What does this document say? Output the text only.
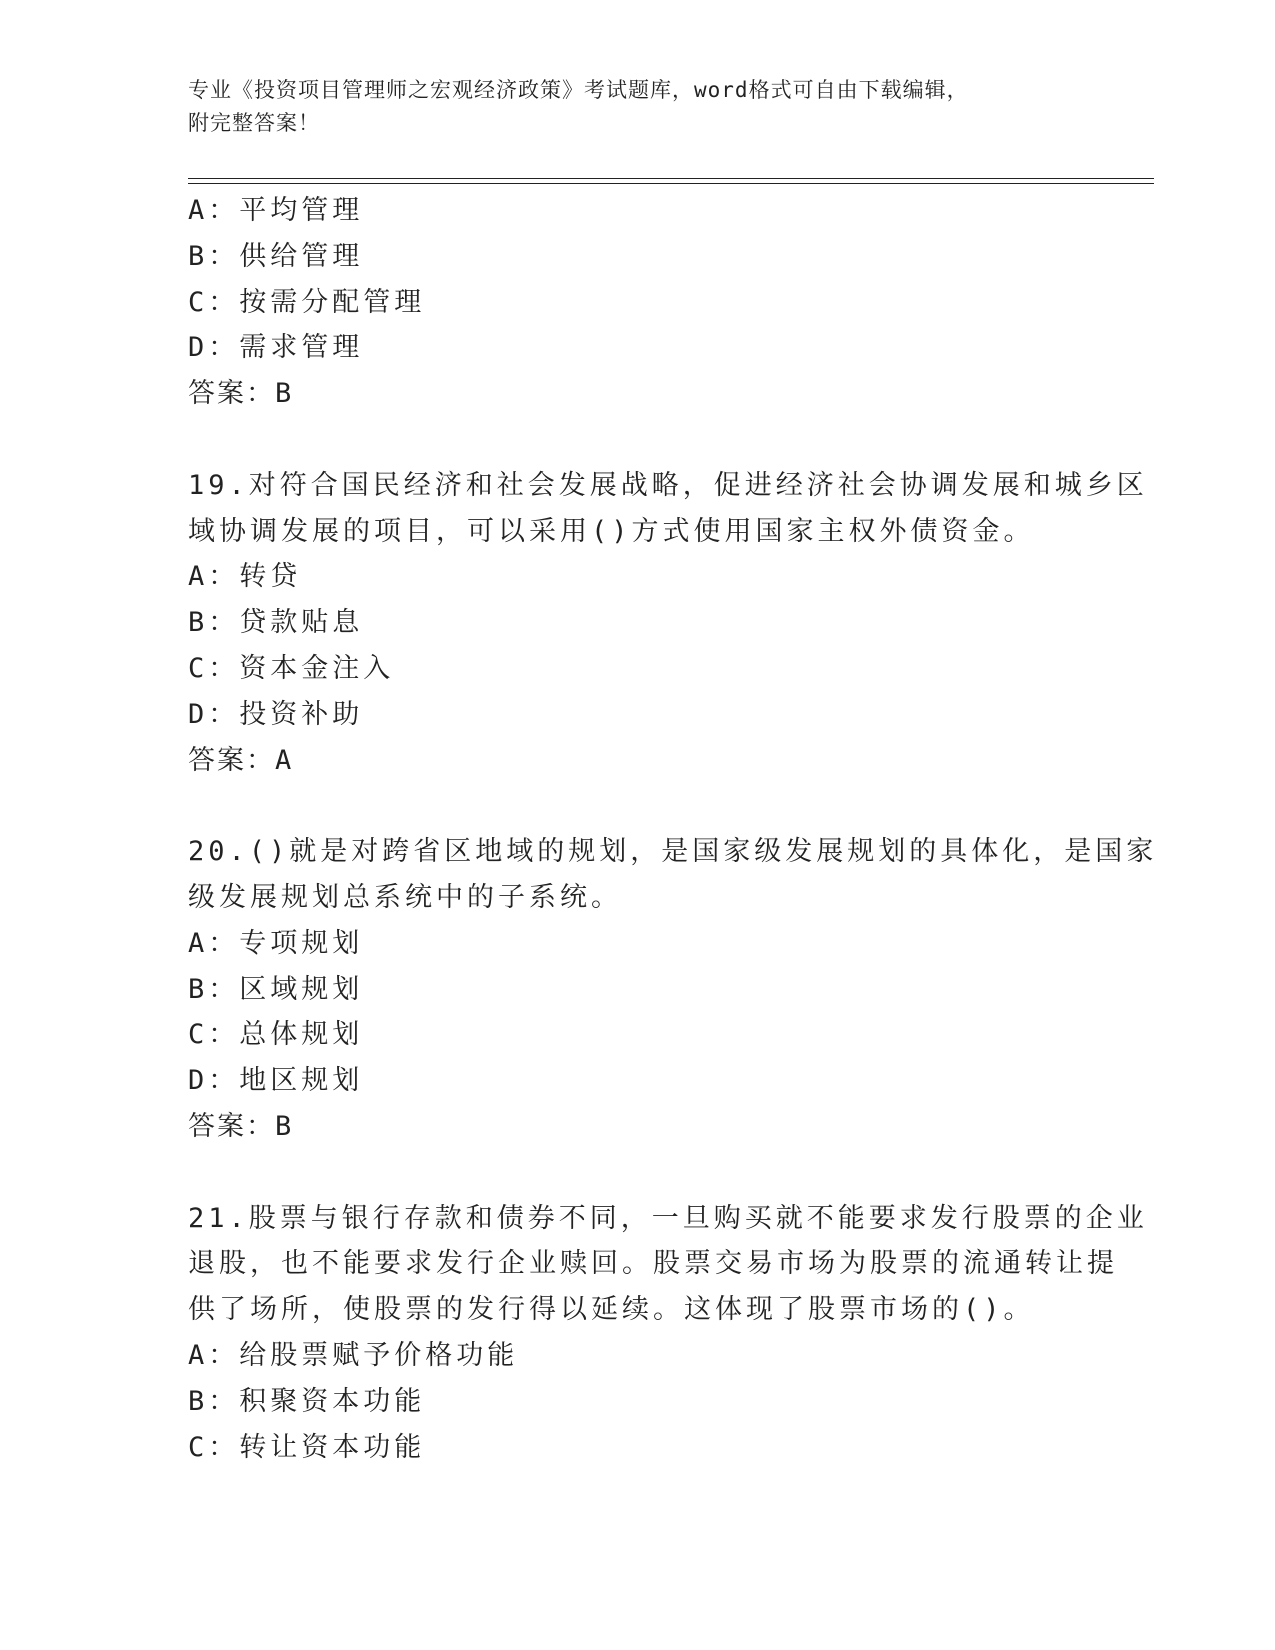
专业《投资项目管理师之宏观经济政策》考试题库，word格式可自由下载编辑，
附完整答案！
A：平均管理
B：供给管理
C：按需分配管理
D：需求管理
答案：B
19.对符合国民经济和社会发展战略，促进经济社会协调发展和城乡区
域协调发展的项目，可以采用()方式使用国家主权外债资金。
A：转贷
B：贷款贴息
C：资本金注入
D：投资补助
答案：A
20.()就是对跨省区地域的规划，是国家级发展规划的具体化，是国家
级发展规划总系统中的子系统。
A：专项规划
B：区域规划
C：总体规划
D：地区规划
答案：B
21.股票与银行存款和债券不同，一旦购买就不能要求发行股票的企业
退股，也不能要求发行企业赎回。股票交易市场为股票的流通转让提
供了场所，使股票的发行得以延续。这体现了股票市场的()。
A：给股票赋予价格功能
B：积聚资本功能
C：转让资本功能
